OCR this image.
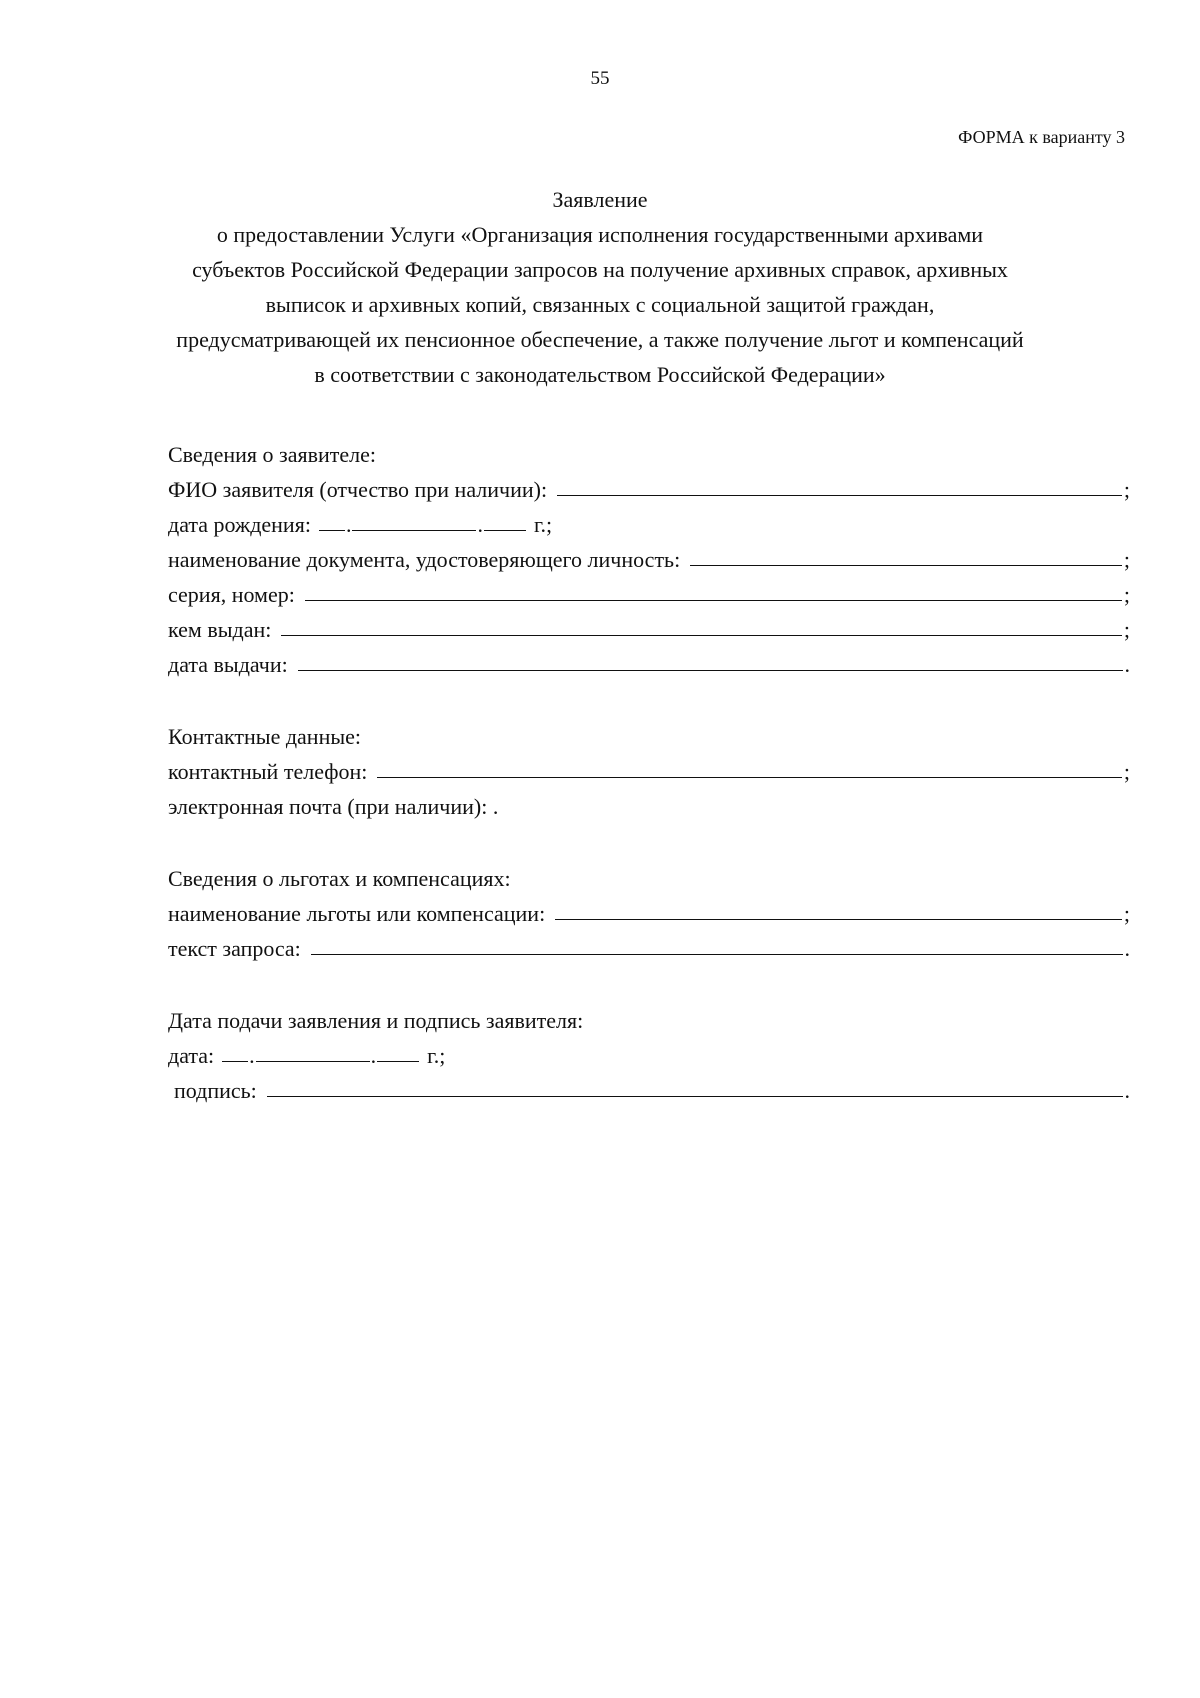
55
ФОРМА к варианту 3
Заявление
о предоставлении Услуги «Организация исполнения государственными архивами
субъектов Российской Федерации запросов на получение архивных справок, архивных
выписок и архивных копий, связанных с социальной защитой граждан,
предусматривающей их пенсионное обеспечение, а также получение льгот и компенсаций
в соответствии с законодательством Российской Федерации»
Сведения о заявителе:
ФИО заявителя (отчество при наличии):	;
дата рождения: .	. г.;
наименование документа, удостоверяющего личность:	;
серия, номер:	;
кем выдан:	;
дата выдачи:	.
Контактные данные:
контактный телефон:	;
электронная почта (при наличии): .
Сведения о льготах и компенсациях:
наименование льготы или компенсации:	;
текст запроса:	.
Дата подачи заявления и подпись заявителя:
дата: .	. г.;
подпись:	.
